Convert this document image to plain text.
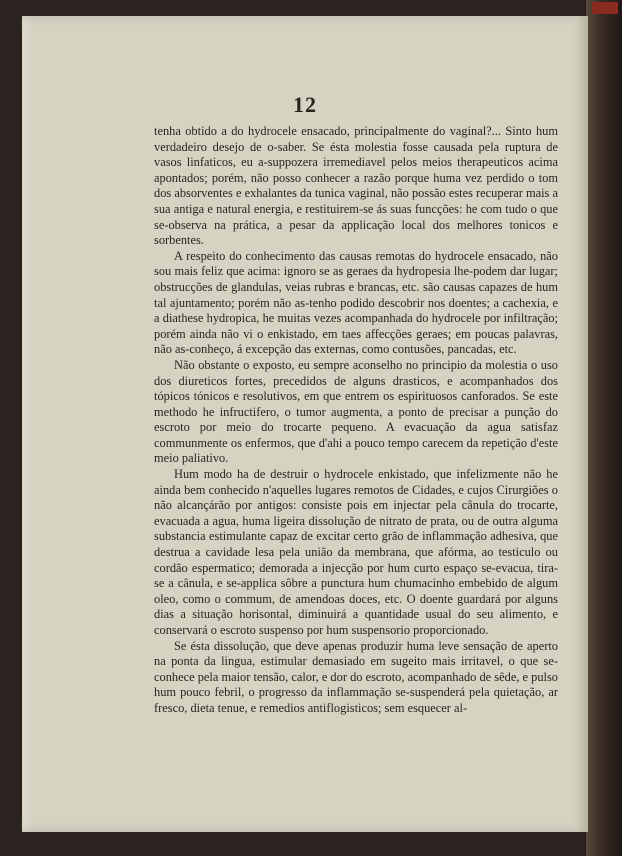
12

tenha obtido a do hydrocele ensacado, principalmente do vaginal?... Sinto hum verdadeiro desejo de o-saber. Se ésta molestia fosse causada pela ruptura de vasos linfaticos, eu a-suppozera irremediavel pelos meios therapeuticos acima apontados; porém, não posso conhecer a razão porque huma vez perdido o tom dos absorventes e exhalantes da tunica vaginal, não possão estes recuperar mais a sua antiga e natural energia, e restituirem-se ás suas funcções: he com tudo o que se-observa na prática, a pesar da applicação local dos melhores tonicos e sorbentes.

A respeito do conhecimento das causas remotas do hydrocele ensacado, não sou mais feliz que acima: ignoro se as geraes da hydropesia lhe-podem dar lugar; obstrucções de glandulas, veias rubras e brancas, etc. são causas capazes de hum tal ajuntamento; porém não as-tenho podido descobrir nos doentes; a cachexia, e a diathese hydropica, he muitas vezes acompanhada do hydrocele por infiltração; porém ainda não vi o enkistado, em taes affecções geraes; em poucas palavras, não as-conheço, á excepção das externas, como contusões, pancadas, etc.

Não obstante o exposto, eu sempre aconselho no principio da molestia o uso dos diureticos fortes, precedidos de alguns drasticos, e acompanhados dos tópicos tónicos e resolutivos, em que entrem os espirituosos canforados. Se este methodo he infructifero, o tumor augmenta, a ponto de precisar a punção do escroto por meio do trocarte pequeno. A evacuação da agua satisfaz communmente os enfermos, que d'ahi a pouco tempo carecem da repetição d'este meio paliativo.

Hum modo ha de destruir o hydrocele enkistado, que infelizmente não he ainda bem conhecido n'aquelles lugares remotos de Cidades, e cujos Cirurgiões o não alcançárão por antigos: consiste pois em injectar pela cânula do trocarte, evacuada a agua, huma ligeira dissolução de nitrato de prata, ou de outra alguma substancia estimulante capaz de excitar certo grão de inflammação adhesiva, que destrua a cavidade lesa pela união da membrana, que afórma, ao testiculo ou cordão espermatico; demorada a injecção por hum curto espaço se-evacua, tira-se a cânula, e se-applica sôbre a punctura hum chumacinho embebido de algum oleo, como o commum, de amendoas doces, etc. O doente guardará por alguns dias a situação horisontal, diminuirá a quantidade usual do seu alimento, e conservará o escroto suspenso por hum suspensorio proporcionado.

Se ésta dissolução, que deve apenas produzir huma leve sensação de aperto na ponta da lingua, estimular demasiado em sugeito mais irritavel, o que se-conhece pela maior tensão, calor, e dor do escroto, acompanhado de sêde, e pulso hum pouco febril, o progresso da inflammação se-suspenderá pela quietação, ar fresco, dieta tenue, e remedios antiflogisticos; sem esquecer al-
